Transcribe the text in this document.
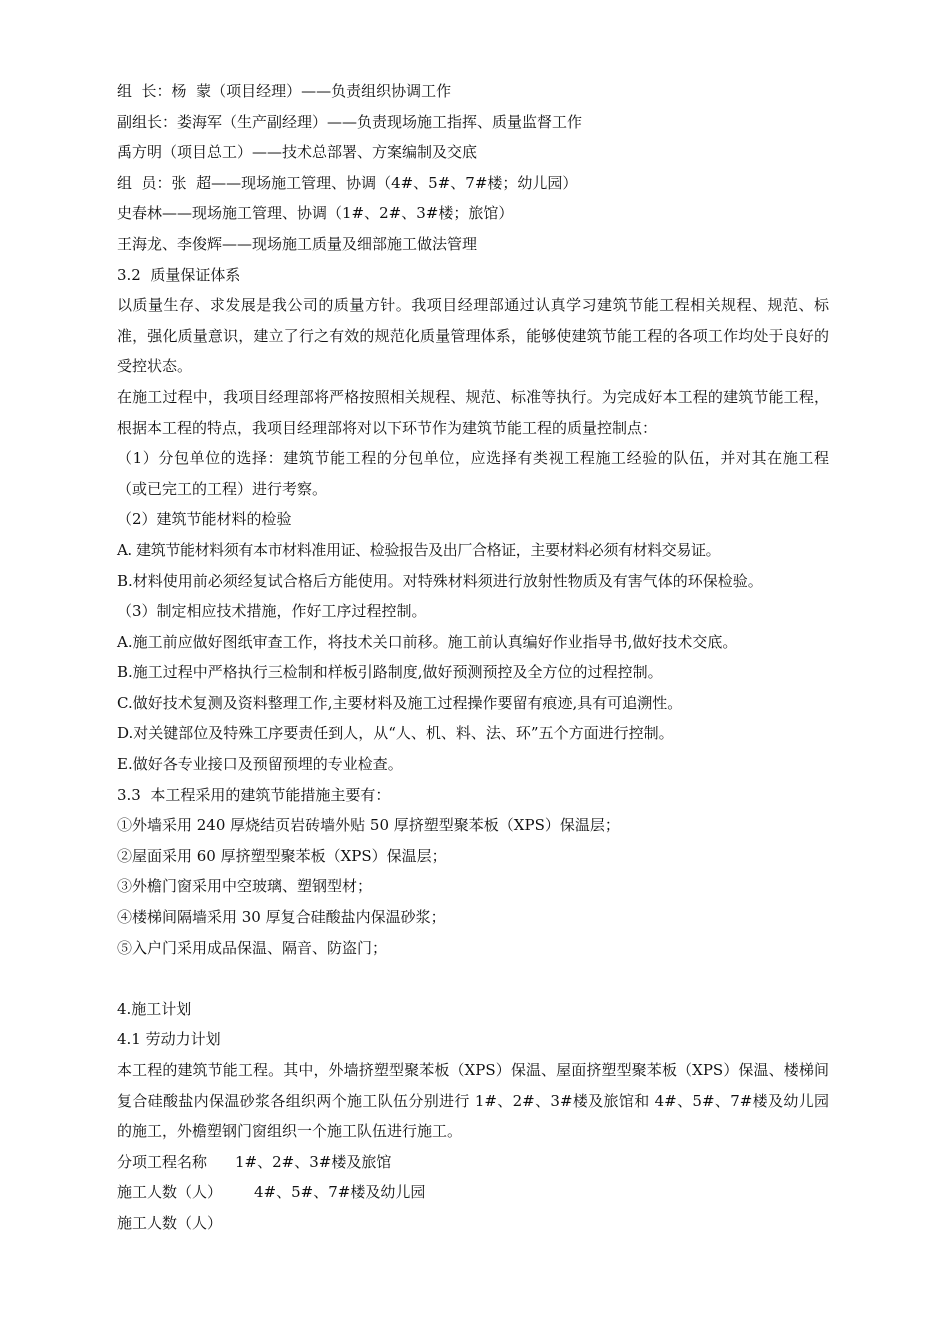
组  长：杨  蒙（项目经理）——负责组织协调工作

副组长：娄海军（生产副经理）——负责现场施工指挥、质量监督工作

禹方明（项目总工）——技术总部署、方案编制及交底

组  员：张  超——现场施工管理、协调（4#、5#、7#楼；幼儿园）

史春林——现场施工管理、协调（1#、2#、3#楼；旅馆）

王海龙、李俊辉——现场施工质量及细部施工做法管理

3.2  质量保证体系

以质量生存、求发展是我公司的质量方针。我项目经理部通过认真学习建筑节能工程相关规程、规范、标准，强化质量意识，建立了行之有效的规范化质量管理体系，能够使建筑节能工程的各项工作均处于良好的受控状态。

在施工过程中，我项目经理部将严格按照相关规程、规范、标准等执行。为完成好本工程的建筑节能工程，根据本工程的特点，我项目经理部将对以下环节作为建筑节能工程的质量控制点：

（1）分包单位的选择：建筑节能工程的分包单位，应选择有类视工程施工经验的队伍，并对其在施工程（或已完工的工程）进行考察。

（2）建筑节能材料的检验

A. 建筑节能材料须有本市材料准用证、检验报告及出厂合格证，主要材料必须有材料交易证。

B.材料使用前必须经复试合格后方能使用。对特殊材料须进行放射性物质及有害气体的环保检验。

（3）制定相应技术措施，作好工序过程控制。

A.施工前应做好图纸审查工作，将技术关口前移。施工前认真编好作业指导书,做好技术交底。

B.施工过程中严格执行三检制和样板引路制度,做好预测预控及全方位的过程控制。

C.做好技术复测及资料整理工作,主要材料及施工过程操作要留有痕迹,具有可追溯性。

D.对关键部位及特殊工序要责任到人，从“人、机、料、法、环”五个方面进行控制。

E.做好各专业接口及预留预埋的专业检查。

3.3  本工程采用的建筑节能措施主要有：

①外墙采用 240 厚烧结页岩砖墙外贴 50 厚挤塑型聚苯板（XPS）保温层；

②屋面采用 60 厚挤塑型聚苯板（XPS）保温层；

③外檐门窗采用中空玻璃、塑钢型材；

④楼梯间隔墙采用 30 厚复合硅酸盐内保温砂浆；

⑤入户门采用成品保温、隔音、防盗门；

4.施工计划

4.1 劳动力计划

本工程的建筑节能工程。其中，外墙挤塑型聚苯板（XPS）保温、屋面挤塑型聚苯板（XPS）保温、楼梯间复合硅酸盐内保温砂浆各组织两个施工队伍分别进行 1#、2#、3#楼及旅馆和 4#、5#、7#楼及幼儿园的施工，外檐塑钢门窗组织一个施工队伍进行施工。

分项工程名称 1#、2#、3#楼及旅馆

施工人数（人） 4#、5#、7#楼及幼儿园

施工人数（人）
